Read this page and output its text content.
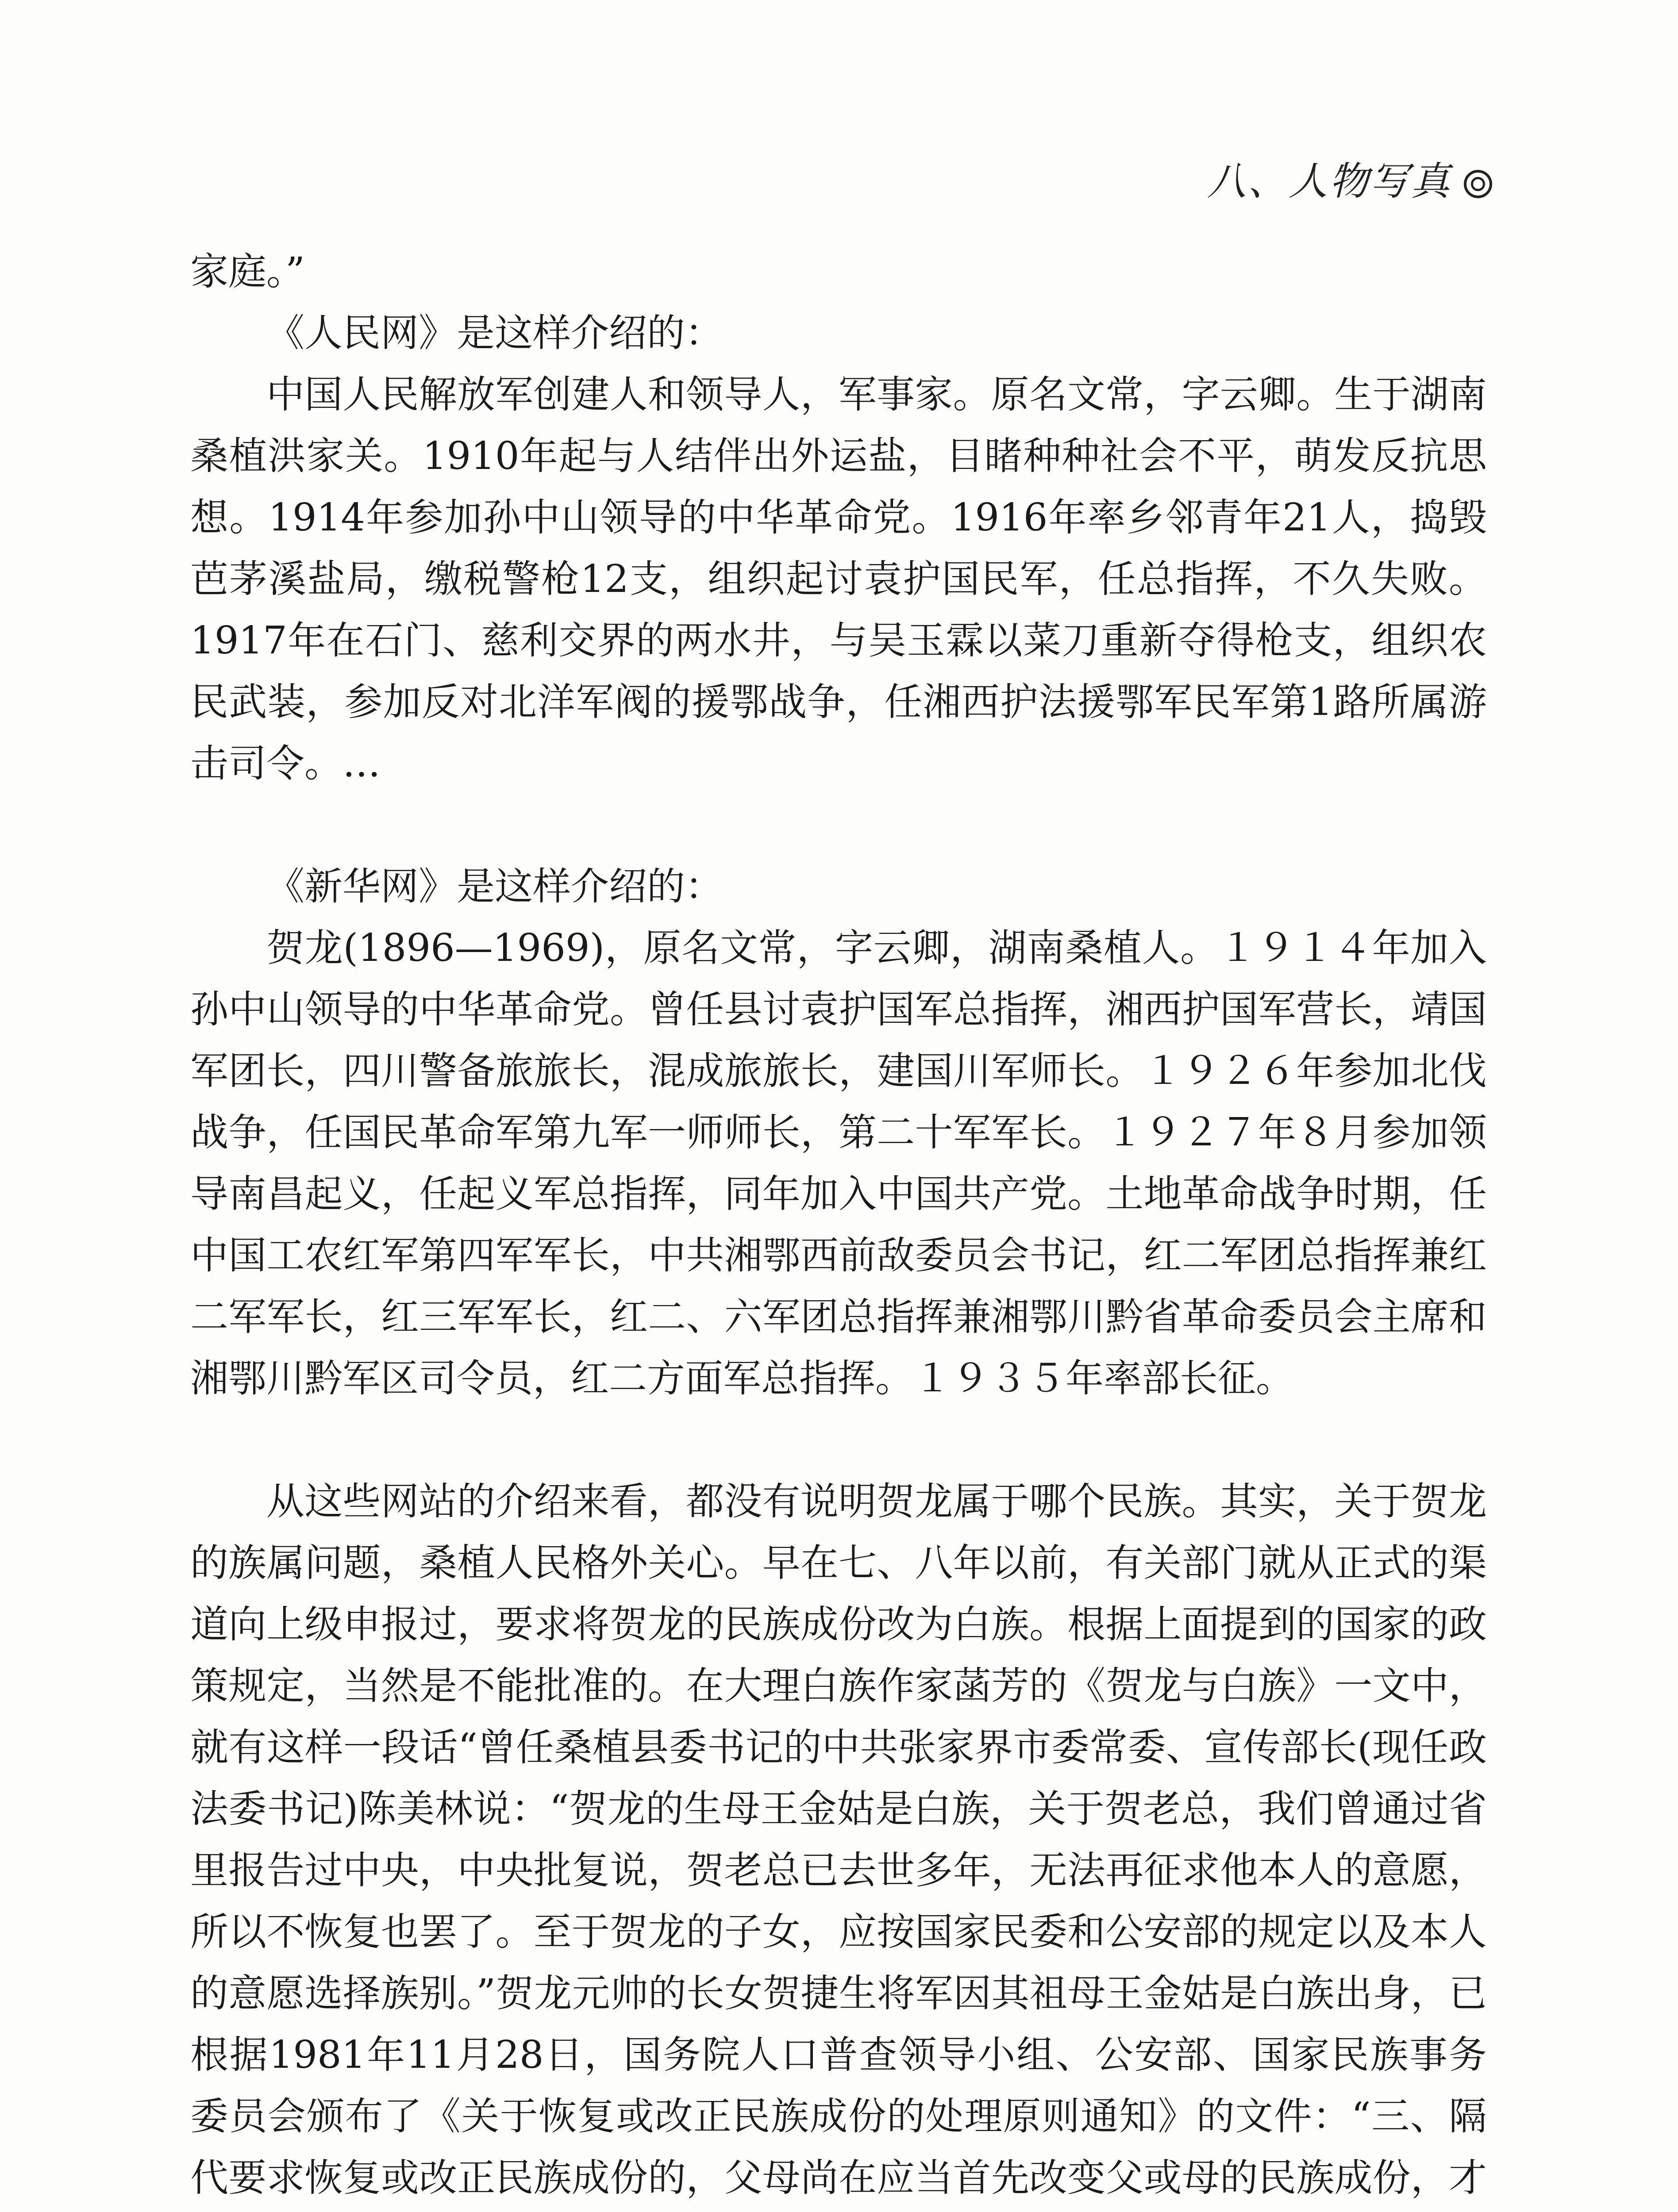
八、人物写真

家庭。”

《人民网》是这样介绍的：

中国人民解放军创建人和领导人，军事家。原名文常，字云卿。生于湖南桑植洪家关。1910年起与人结伴出外运盐，目睹种种社会不平，萌发反抗思想。1914年参加孙中山领导的中华革命党。1916年率乡邻青年21人，捣毁芭茅溪盐局，缴税警枪12支，组织起讨袁护国民军，任总指挥，不久失败。1917年在石门、慈利交界的两水井，与吴玉霖以菜刀重新夺得枪支，组织农民武装，参加反对北洋军阀的援鄂战争，任湘西护法援鄂军民军第1路所属游击司令。…

《新华网》是这样介绍的：

贺龙(1896—1969)，原名文常，字云卿，湖南桑植人。１９１４年加入孙中山领导的中华革命党。曾任县讨袁护国军总指挥，湘西护国军营长，靖国军团长，四川警备旅旅长，混成旅旅长，建国川军师长。１９２６年参加北伐战争，任国民革命军第九军一师师长，第二十军军长。１９２７年８月参加领导南昌起义，任起义军总指挥，同年加入中国共产党。土地革命战争时期，任中国工农红军第四军军长，中共湘鄂西前敌委员会书记，红二军团总指挥兼红二军军长，红三军军长，红二、六军团总指挥兼湘鄂川黔省革命委员会主席和湘鄂川黔军区司令员，红二方面军总指挥。１９３５年率部长征。

从这些网站的介绍来看，都没有说明贺龙属于哪个民族。其实，关于贺龙的族属问题，桑植人民格外关心。早在七、八年以前，有关部门就从正式的渠道向上级申报过，要求将贺龙的民族成份改为白族。根据上面提到的国家的政策规定，当然是不能批准的。在大理白族作家菡芳的《贺龙与白族》一文中，就有这样一段话“曾任桑植县委书记的中共张家界市委常委、宣传部长(现任政法委书记)陈美林说：“贺龙的生母王金姑是白族，关于贺老总，我们曾通过省里报告过中央，中央批复说，贺老总已去世多年，无法再征求他本人的意愿，所以不恢复也罢了。至于贺龙的子女，应按国家民委和公安部的规定以及本人的意愿选择族别。”贺龙元帅的长女贺捷生将军因其祖母王金姑是白族出身，已根据1981年11月28日，国务院人口普查领导小组、公安部、国家民族事务委员会颁布了《关于恢复或改正民族成份的处理原则通知》的文件：“三、隔代要求恢复或改正民族成份的，父母尚在应当首先改变父或母的民族成份，才
